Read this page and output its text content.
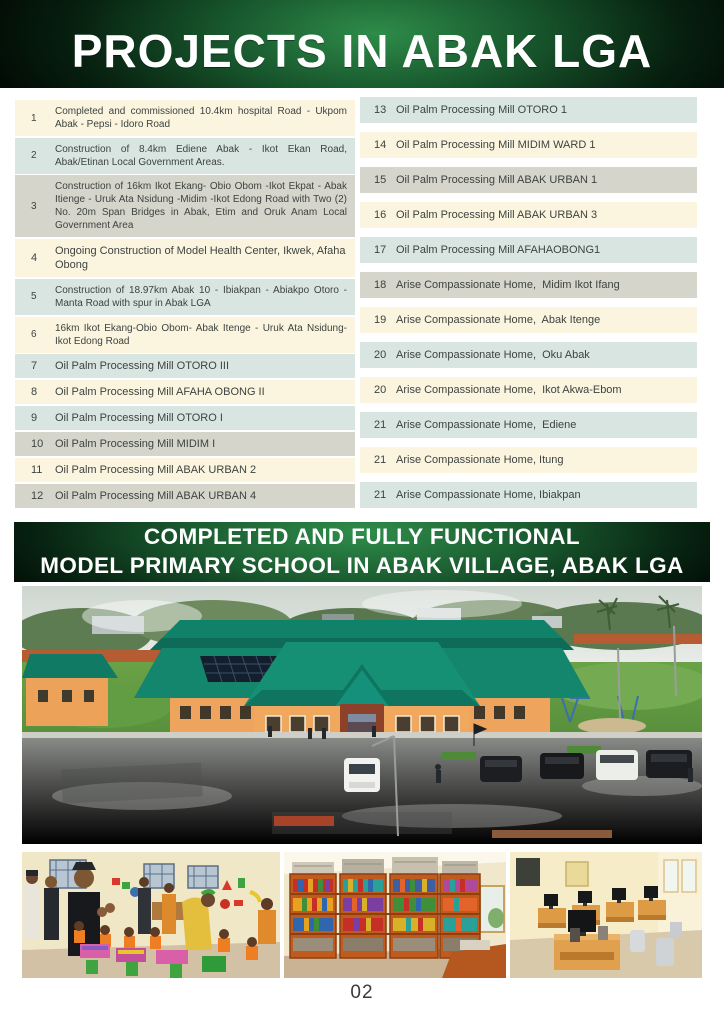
PROJECTS IN ABAK LGA
1
Completed and commissioned 10.4km hospital Road - Ukpom Abak - Pepsi - Idoro Road
2
Construction of 8.4km Ediene Abak - Ikot Ekan Road, Abak/Etinan Local Government Areas.
3
Construction of 16km Ikot Ekang- Obio Obom -Ikot Ekpat - Abak Itienge - Uruk Ata Nsidung -Midim -Ikot Edong Road with Two (2) No. 20m Span Bridges in Abak, Etim and Oruk Anam Local Government Area
4
Ongoing Construction of Model Health Center, Ikwek, Afaha Obong
5
Construction of 18.97km Abak 10 - Ibiakpan - Abiakpo Otoro - Manta Road with spur in Abak LGA
6
16km Ikot Ekang-Obio Obom- Abak Itenge - Uruk Ata Nsidung- Ikot Edong Road
7	Oil Palm Processing Mill OTORO III
8	Oil Palm Processing Mill AFAHA OBONG II
9	Oil Palm Processing Mill OTORO I
10	Oil Palm Processing Mill MIDIM I
11	Oil Palm Processing Mill ABAK URBAN 2
12	Oil Palm Processing Mill ABAK URBAN 4
13 Oil Palm Processing Mill OTORO 1
14 Oil Palm Processing Mill MIDIM WARD 1
15 Oil Palm Processing Mill ABAK URBAN 1
16 Oil Palm Processing Mill ABAK URBAN 3
17 Oil Palm Processing Mill AFAHAOBONG1
18 Arise Compassionate Home,  Midim Ikot Ifang
19 Arise Compassionate Home,  Abak Itenge
20 Arise Compassionate Home,  Oku Abak
20 Arise Compassionate Home,  Ikot Akwa-Ebom
21 Arise Compassionate Home,  Ediene
21 Arise Compassionate Home, Itung
21 Arise Compassionate Home, Ibiakpan
COMPLETED AND FULLY FUNCTIONAL
MODEL PRIMARY SCHOOL IN ABAK VILLAGE, ABAK LGA
02
